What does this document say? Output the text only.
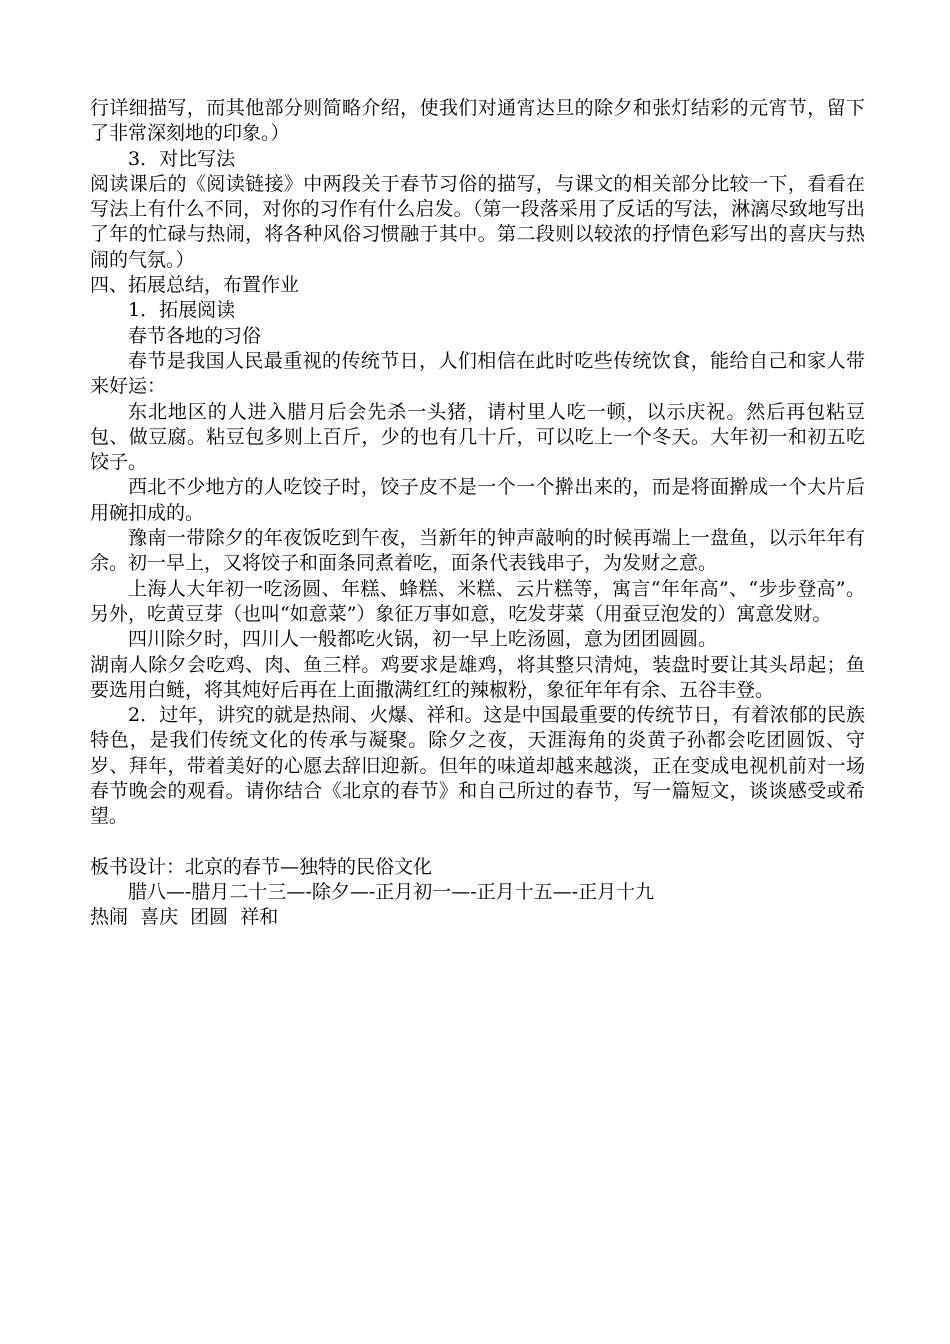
行详细描写，而其他部分则简略介绍，使我们对通宵达旦的除夕和张灯结彩的元宵节，留下了非常深刻地的印象。）

3．对比写法

阅读课后的《阅读链接》中两段关于春节习俗的描写，与课文的相关部分比较一下，看看在写法上有什么不同，对你的习作有什么启发。（第一段落采用了反话的写法，淋漓尽致地写出了年的忙碌与热闹，将各种风俗习惯融于其中。第二段则以较浓的抒情色彩写出的喜庆与热闹的气氛。）

四、拓展总结，布置作业

1．拓展阅读

春节各地的习俗

春节是我国人民最重视的传统节日，人们相信在此时吃些传统饮食，能给自己和家人带来好运：

东北地区的人进入腊月后会先杀一头猪，请村里人吃一顿，以示庆祝。然后再包粘豆包、做豆腐。粘豆包多则上百斤，少的也有几十斤，可以吃上一个冬天。大年初一和初五吃饺子。

西北不少地方的人吃饺子时，饺子皮不是一个一个擀出来的，而是将面擀成一个大片后用碗扣成的。

豫南一带除夕的年夜饭吃到午夜，当新年的钟声敲响的时候再端上一盘鱼，以示年年有余。初一早上，又将饺子和面条同煮着吃，面条代表钱串子，为发财之意。

上海人大年初一吃汤圆、年糕、蜂糕、米糕、云片糕等，寓言“年年高”、“步步登高”。另外，吃黄豆芽（也叫“如意菜”）象征万事如意，吃发芽菜（用蚕豆泡发的）寓意发财。

四川除夕时，四川人一般都吃火锅，初一早上吃汤圆，意为团团圆圆。

湖南人除夕会吃鸡、肉、鱼三样。鸡要求是雄鸡，将其整只清炖，装盘时要让其头昂起；鱼要选用白鲢，将其炖好后再在上面撒满红红的辣椒粉，象征年年有余、五谷丰登。

2．过年，讲究的就是热闹、火爆、祥和。这是中国最重要的传统节日，有着浓郁的民族特色，是我们传统文化的传承与凝聚。除夕之夜，天涯海角的炎黄子孙都会吃团圆饭、守岁、拜年，带着美好的心愿去辞旧迎新。但年的味道却越来越淡，正在变成电视机前对一场春节晚会的观看。请你结合《北京的春节》和自己所过的春节，写一篇短文，谈谈感受或希望。

板书设计：北京的春节—独特的民俗文化

腊八—-腊月二十三—-除夕—-正月初一—-正月十五—-正月十九

热闹  喜庆  团圆  祥和
